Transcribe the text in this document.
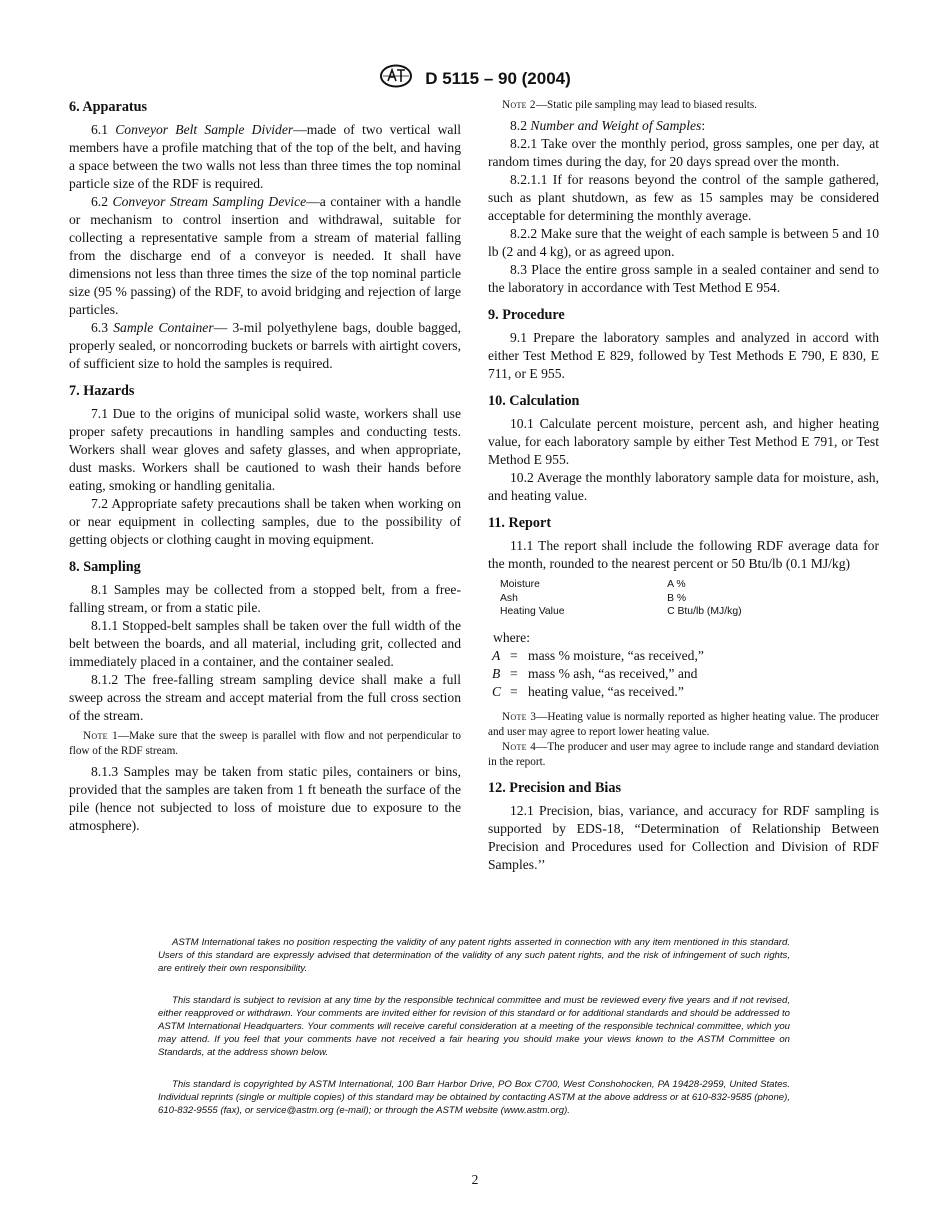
D 5115 – 90 (2004)
6. Apparatus

6.1 Conveyor Belt Sample Divider—made of two vertical wall members have a profile matching that of the top of the belt, and having a space between the two walls not less than three times the top nominal particle size of the RDF is required.

6.2 Conveyor Stream Sampling Device—a container with a handle or mechanism to control insertion and withdrawal, suitable for collecting a representative sample from a stream of material falling from the discharge end of a conveyor is needed. It shall have dimensions not less than three times the size of the top nominal particle size (95 % passing) of the RDF, to avoid bridging and rejection of large particles.

6.3 Sample Container— 3-mil polyethylene bags, double bagged, properly sealed, or noncorroding buckets or barrels with airtight covers, of sufficient size to hold the samples is required.

7. Hazards

7.1 Due to the origins of municipal solid waste, workers shall use proper safety precautions in handling samples and conducting tests. Workers shall wear gloves and safety glasses, and when appropriate, dust masks. Workers shall be cautioned to wash their hands before eating, smoking or handling genitalia.

7.2 Appropriate safety precautions shall be taken when working on or near equipment in collecting samples, due to the possibility of getting objects or clothing caught in moving equipment.

8. Sampling

8.1 Samples may be collected from a stopped belt, from a free-falling stream, or from a static pile.

8.1.1 Stopped-belt samples shall be taken over the full width of the belt between the boards, and all material, including grit, collected and immediately placed in a container, and the container sealed.

8.1.2 The free-falling stream sampling device shall make a full sweep across the stream and accept material from the full cross section of the stream.

Note 1—Make sure that the sweep is parallel with flow and not perpendicular to flow of the RDF stream.

8.1.3 Samples may be taken from static piles, containers or bins, provided that the samples are taken from 1 ft beneath the surface of the pile (hence not subjected to loss of moisture due to exposure to the atmosphere).

Note 2—Static pile sampling may lead to biased results.

8.2 Number and Weight of Samples:

8.2.1 Take over the monthly period, gross samples, one per day, at random times during the day, for 20 days spread over the month.

8.2.1.1 If for reasons beyond the control of the sample gathered, such as plant shutdown, as few as 15 samples may be considered acceptable for determining the monthly average.

8.2.2 Make sure that the weight of each sample is between 5 and 10 lb (2 and 4 kg), or as agreed upon.

8.3 Place the entire gross sample in a sealed container and send to the laboratory in accordance with Test Method E 954.

9. Procedure

9.1 Prepare the laboratory samples and analyzed in accord with either Test Method E 829, followed by Test Methods E 790, E 830, E 711, or E 955.

10. Calculation

10.1 Calculate percent moisture, percent ash, and higher heating value, for each laboratory sample by either Test Method E 791, or Test Method E 955.

10.2 Average the monthly laboratory sample data for moisture, ash, and heating value.

11. Report

11.1 The report shall include the following RDF average data for the month, rounded to the nearest percent or 50 Btu/lb (0.1 MJ/kg)

Moisture	A %
Ash	B %
Heating Value	C Btu/lb (MJ/kg)
where:
A = mass % moisture, “as received,”
B = mass % ash, “as received,” and
C = heating value, “as received.”

Note 3—Heating value is normally reported as higher heating value. The producer and user may agree to report lower heating value.

Note 4—The producer and user may agree to include range and standard deviation in the report.

12. Precision and Bias

12.1 Precision, bias, variance, and accuracy for RDF sampling is supported by EDS-18, “Determination of Relationship Between Precision and Procedures used for Collection and Division of RDF Samples.’’

ASTM International takes no position respecting the validity of any patent rights asserted in connection with any item mentioned in this standard. Users of this standard are expressly advised that determination of the validity of any such patent rights, and the risk of infringement of such rights, are entirely their own responsibility.

This standard is subject to revision at any time by the responsible technical committee and must be reviewed every five years and if not revised, either reapproved or withdrawn. Your comments are invited either for revision of this standard or for additional standards and should be addressed to ASTM International Headquarters. Your comments will receive careful consideration at a meeting of the responsible technical committee, which you may attend. If you feel that your comments have not received a fair hearing you should make your views known to the ASTM Committee on Standards, at the address shown below.

This standard is copyrighted by ASTM International, 100 Barr Harbor Drive, PO Box C700, West Conshohocken, PA 19428-2959, United States. Individual reprints (single or multiple copies) of this standard may be obtained by contacting ASTM at the above address or at 610-832-9585 (phone), 610-832-9555 (fax), or service@astm.org (e-mail); or through the ASTM website (www.astm.org).

2
